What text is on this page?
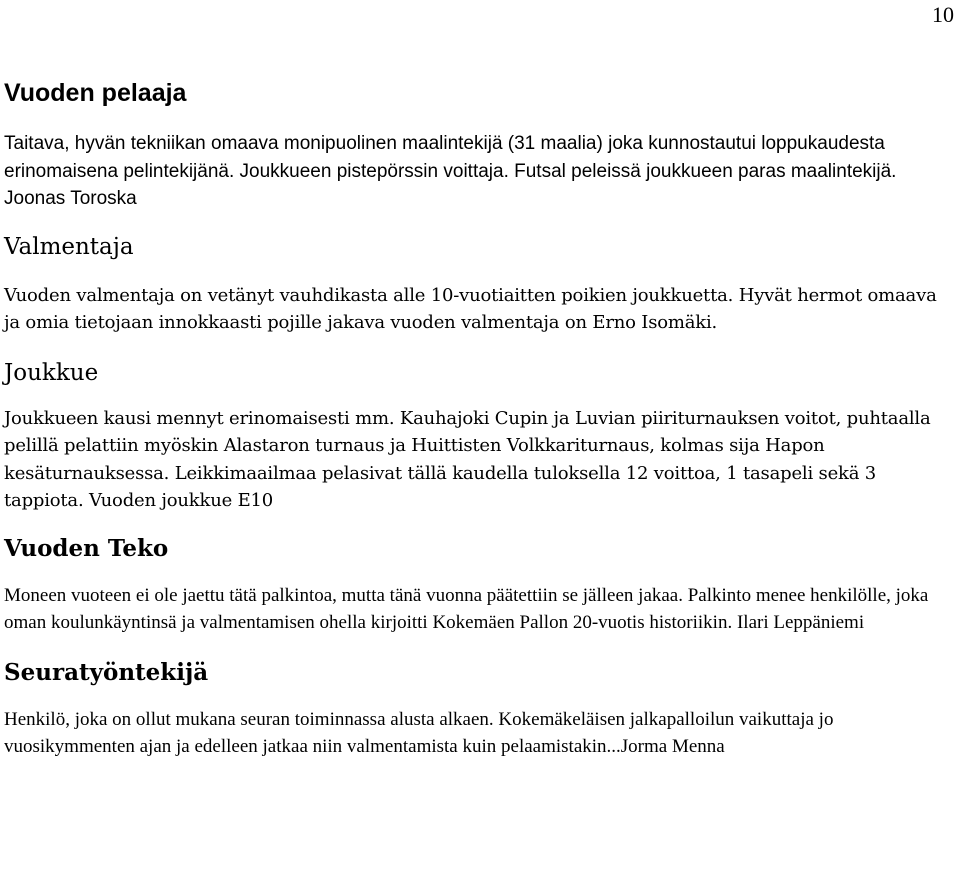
10
Vuoden pelaaja

Taitava, hyvän tekniikan omaava monipuolinen maalintekijä (31 maalia) joka kunnostautui loppukaudesta erinomaisena pelintekijänä. Joukkueen pistepörssin voittaja. Futsal peleissä joukkueen paras maalintekijä. Joonas Toroska

Valmentaja

Vuoden valmentaja on vetänyt vauhdikasta alle 10-vuotiaitten poikien joukkuetta. Hyvät hermot omaava ja omia tietojaan innokkaasti pojille jakava vuoden valmentaja on Erno Isomäki.

Joukkue

Joukkueen kausi mennyt erinomaisesti mm. Kauhajoki Cupin ja Luvian piiriturnauksen voitot, puhtaalla pelillä pelattiin myöskin Alastaron turnaus ja Huittisten Volkkariturnaus, kolmas sija Hapon kesäturnauksessa. Leikkimaailmaa pelasivat tällä kaudella tuloksella 12 voittoa, 1 tasapeli sekä 3 tappiota. Vuoden joukkue E10

Vuoden Teko

Moneen vuoteen ei ole jaettu tätä palkintoa, mutta tänä vuonna päätettiin se jälleen jakaa. Palkinto menee henkilölle, joka oman koulunkäyntinsä ja valmentamisen ohella kirjoitti Kokemäen Pallon 20-vuotis historiikin. Ilari Leppäniemi

Seuratyöntekijä

Henkilö, joka on ollut mukana seuran toiminnassa alusta alkaen. Kokemäkeläisen jalkapalloilun vaikuttaja jo vuosikymmenten ajan ja edelleen jatkaa niin valmentamista kuin pelaamistakin...Jorma Menna
